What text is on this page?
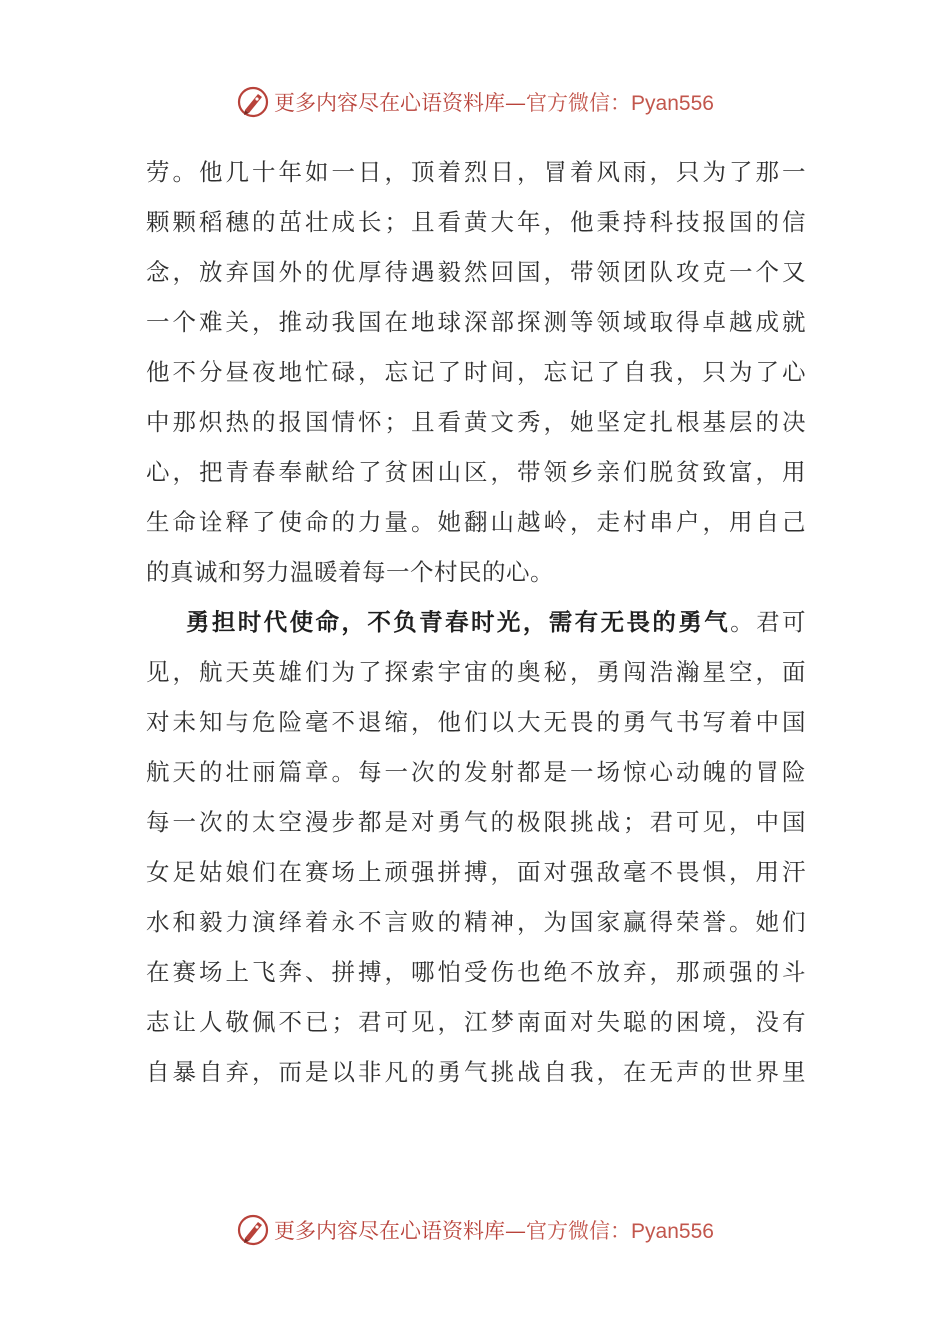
更多内容尽在心语资料库—官方微信：Pyan556
劳。他几十年如一日，顶着烈日，冒着风雨，只为了那一
颗颗稻穗的茁壮成长；且看黄大年，他秉持科技报国的信
念，放弃国外的优厚待遇毅然回国，带领团队攻克一个又
一个难关，推动我国在地球深部探测等领域取得卓越成就
他不分昼夜地忙碌，忘记了时间，忘记了自我，只为了心
中那炽热的报国情怀；且看黄文秀，她坚定扎根基层的决
心，把青春奉献给了贫困山区，带领乡亲们脱贫致富，用
生命诠释了使命的力量。她翻山越岭，走村串户，用自己
的真诚和努力温暖着每一个村民的心。
勇担时代使命，不负青春时光，需有无畏的勇气。君可
见，航天英雄们为了探索宇宙的奥秘，勇闯浩瀚星空，面
对未知与危险毫不退缩，他们以大无畏的勇气书写着中国
航天的壮丽篇章。每一次的发射都是一场惊心动魄的冒险
每一次的太空漫步都是对勇气的极限挑战；君可见，中国
女足姑娘们在赛场上顽强拼搏，面对强敌毫不畏惧，用汗
水和毅力演绎着永不言败的精神，为国家赢得荣誉。她们
在赛场上飞奔、拼搏，哪怕受伤也绝不放弃，那顽强的斗
志让人敬佩不已；君可见，江梦南面对失聪的困境，没有
自暴自弃，而是以非凡的勇气挑战自我，在无声的世界里
更多内容尽在心语资料库—官方微信：Pyan556
